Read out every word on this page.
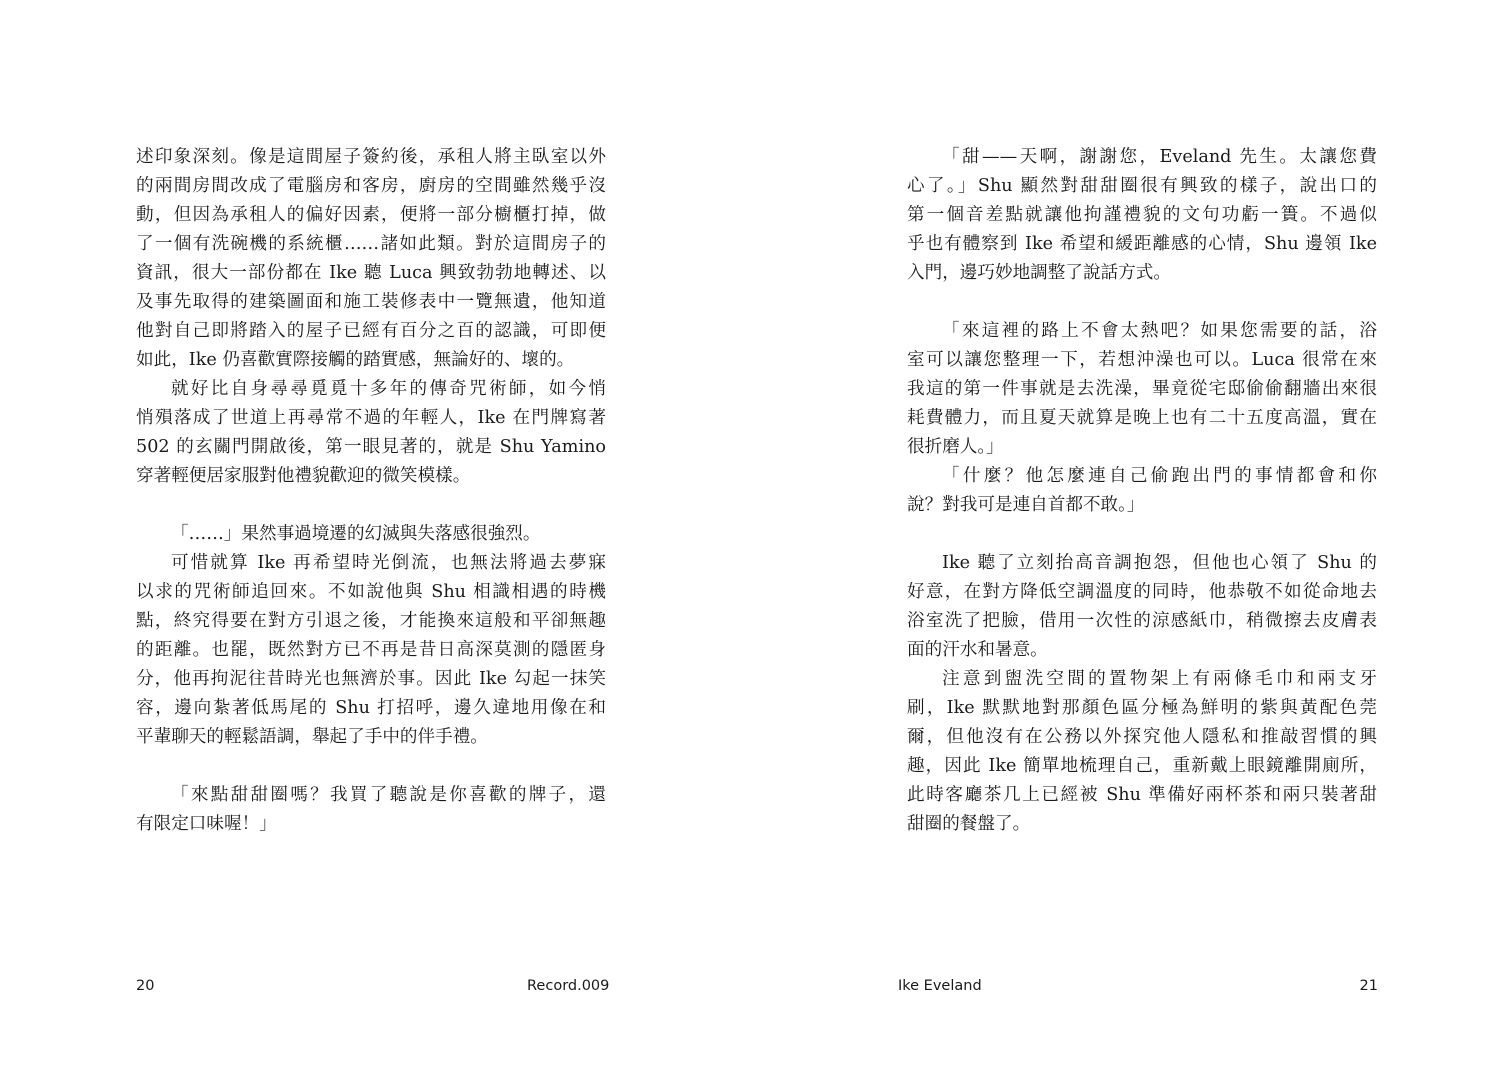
述印象深刻。像是這間屋子簽約後，承租人將主臥室以外
的兩間房間改成了電腦房和客房，廚房的空間雖然幾乎沒
動，但因為承租人的偏好因素，便將一部分櫥櫃打掉，做
了一個有洗碗機的系統櫃……諸如此類。對於這間房子的
資訊，很大一部份都在 Ike 聽 Luca 興致勃勃地轉述、以
及事先取得的建築圖面和施工裝修表中一覽無遺，他知道
他對自己即將踏入的屋子已經有百分之百的認識，可即便
如此，Ike 仍喜歡實際接觸的踏實感，無論好的、壞的。
就好比自身尋尋覓覓十多年的傳奇咒術師，如今悄
悄殞落成了世道上再尋常不過的年輕人，Ike 在門牌寫著
502 的玄關門開啟後，第一眼見著的，就是 Shu Yamino
穿著輕便居家服對他禮貌歡迎的微笑模樣。
「……」果然事過境遷的幻滅與失落感很強烈。
可惜就算 Ike 再希望時光倒流，也無法將過去夢寐
以求的咒術師追回來。不如說他與 Shu 相識相遇的時機
點，終究得要在對方引退之後，才能換來這般和平卻無趣
的距離。也罷，既然對方已不再是昔日高深莫測的隱匿身
分，他再拘泥往昔時光也無濟於事。因此 Ike 勾起一抹笑
容，邊向紮著低馬尾的 Shu 打招呼，邊久違地用像在和
平輩聊天的輕鬆語調，舉起了手中的伴手禮。
「來點甜甜圈嗎？我買了聽說是你喜歡的牌子，還
有限定口味喔！」
「甜——天啊，謝謝您，Eveland 先生。太讓您費
心了。」Shu 顯然對甜甜圈很有興致的樣子，說出口的
第一個音差點就讓他拘謹禮貌的文句功虧一簣。不過似
乎也有體察到 Ike 希望和緩距離感的心情，Shu 邊領 Ike
入門，邊巧妙地調整了說話方式。
「來這裡的路上不會太熱吧？如果您需要的話，浴
室可以讓您整理一下，若想沖澡也可以。Luca 很常在來
我這的第一件事就是去洗澡，畢竟從宅邸偷偷翻牆出來很
耗費體力，而且夏天就算是晚上也有二十五度高溫，實在
很折磨人。」
「什麼？他怎麼連自己偷跑出門的事情都會和你
說？對我可是連自首都不敢。」
Ike 聽了立刻抬高音調抱怨，但他也心領了 Shu 的
好意，在對方降低空調溫度的同時，他恭敬不如從命地去
浴室洗了把臉，借用一次性的涼感紙巾，稍微擦去皮膚表
面的汗水和暑意。
注意到盥洗空間的置物架上有兩條毛巾和兩支牙
刷，Ike 默默地對那顏色區分極為鮮明的紫與黃配色莞
爾，但他沒有在公務以外探究他人隱私和推敲習慣的興
趣，因此 Ike 簡單地梳理自己，重新戴上眼鏡離開廁所，
此時客廳茶几上已經被 Shu 準備好兩杯茶和兩只裝著甜
甜圈的餐盤了。
20	Record.009	Ike Eveland	21
